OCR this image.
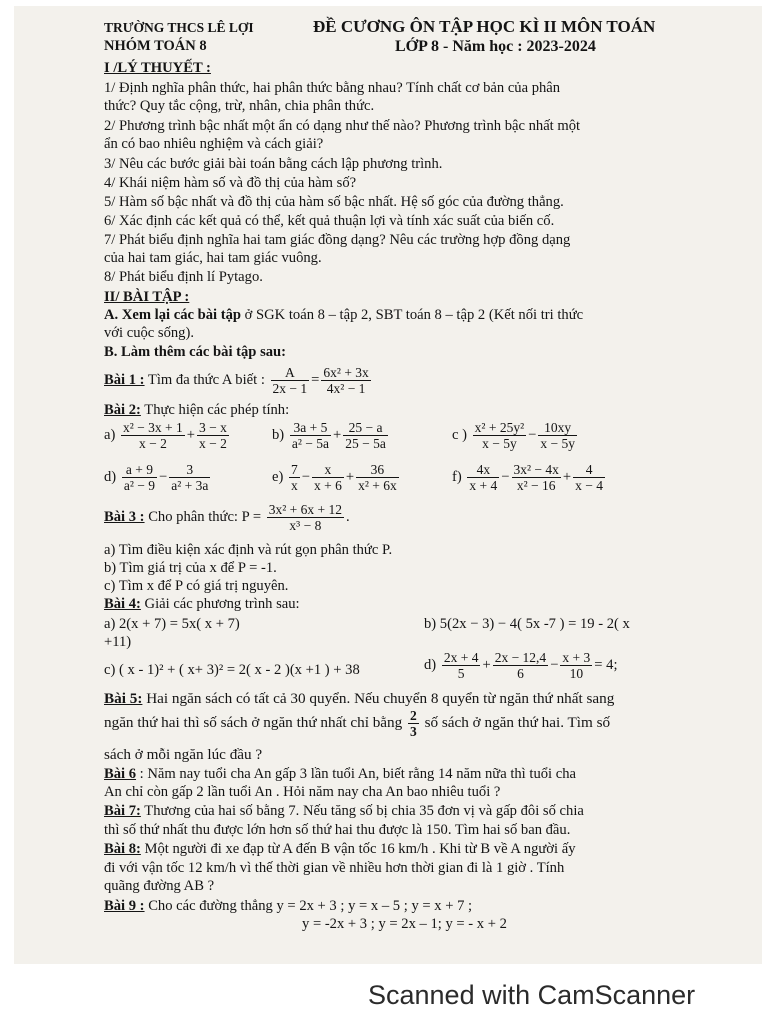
TRƯỜNG THCS LÊ LỢI
NHÓM TOÁN 8
ĐỀ CƯƠNG ÔN TẬP HỌC KÌ II MÔN TOÁN
LỚP 8 - Năm học : 2023-2024
I /LÝ THUYẾT :
1/ Định nghĩa phân thức, hai phân thức bằng nhau? Tính chất cơ bản của phân
thức? Quy tắc cộng, trừ, nhân, chia phân thức.
2/ Phương trình bậc nhất một ẩn có dạng như thế nào? Phương trình bậc nhất một
ẩn có bao nhiêu nghiệm và cách giải?
3/ Nêu các bước giải bài toán bằng cách lập phương trình.
4/ Khái niệm hàm số và đồ thị của hàm số?
5/ Hàm số bậc nhất và đồ thị của hàm số bậc nhất. Hệ số góc của đường thẳng.
6/ Xác định các kết quả có thể, kết quả thuận lợi và tính xác suất của biến cố.
7/ Phát biểu định nghĩa hai tam giác đồng dạng? Nêu các trường hợp đồng dạng
của hai tam giác, hai tam giác vuông.
8/ Phát biểu định lí Pytago.
II/ BÀI TẬP :
A. Xem lại các bài tập ở SGK toán 8 – tập 2, SBT toán 8 – tập 2 (Kết nối tri thức
với cuộc sống).
B. Làm thêm các bài tập sau:
Bài 1 : Tìm đa thức A biết : $\frac{A}{2x - 1} = \frac{\text{6x² + 3x}}{\text{4x² − 1}}$
Bài 2: Thực hiện các phép tính:
$a) \frac{\text{x² − 3x + 1}}{x - 2} + \frac{3 - x}{x - 2}$	$b) \frac{3a + 5}{\text{a² − 5a}} + \frac{25 - a}{25 - 5a}$	c ) $\frac{\text{x² + 25y²}}{x - 5y} - \frac{10xy}{x - 5y}$
$d) \frac{a + 9}{\text{a² − 9}} - \frac{3}{\text{a² + 3a}}$	$e) \frac{7}{x} - \frac{x}{x + 6} + \frac{36}{\text{x² + 6x}}$	$f) \frac{4x}{x + 4} - \frac{\text{3x² − 4x}}{\text{x² − 16}} + \frac{4}{x - 4}$
Bài 3 : Cho phân thức: $P = \frac{\text{3x² + 6x + 12}}{\text{x³ − 8}}$ .
a) Tìm điều kiện xác định và rút gọn phân thức P.
b) Tìm giá trị của x để P = -1.
c) Tìm x để P có giá trị nguyên.
Bài 4: Giải các phương trình sau:
a) 2(x + 7) = 5x( x + 7)	b) 5(2x − 3) − 4( 5x -7 ) = 19 - 2( x
+11)
c) ( x - 1)² + ( x+ 3)² = 2( x - 2 )(x +1 ) + 38	$d) \frac{2x + 4}{5} + \frac{2x - 12,4}{6} - \frac{x + 3}{10} = 4$;
Bài 5: Hai ngăn sách có tất cả 30 quyển. Nếu chuyển 8 quyển từ ngăn thứ nhất sang
ngăn thứ hai thì số sách ở ngăn thứ nhất chỉ bằng $\frac{2}{3}$ số sách ở ngăn thứ hai. Tìm số
sách ở mỗi ngăn lúc đầu ?
Bài 6 : Năm nay tuổi cha An gấp 3 lần tuổi An, biết rằng 14 năm nữa thì tuổi cha
An chỉ còn gấp 2 lần tuổi An . Hỏi năm nay cha An bao nhiêu tuổi ?
Bài 7: Thương của hai số bằng 7. Nếu tăng số bị chia 35 đơn vị và gấp đôi số chia
thì số thứ nhất thu được lớn hơn số thứ hai thu được là 150. Tìm hai số ban đầu.
Bài 8: Một người đi xe đạp từ A đến B vận tốc 16 km/h . Khi từ B về A người ấy
đi với vận tốc 12 km/h vì thế thời gian về nhiều hơn thời gian đi là 1 giờ . Tính
quãng đường AB ?
Bài 9 : Cho các đường thẳng y = 2x + 3 ; y = x – 5 ; y = x + 7 ;
y = -2x + 3 ; y = 2x – 1; y = - x + 2
Scanned with CamScanner
